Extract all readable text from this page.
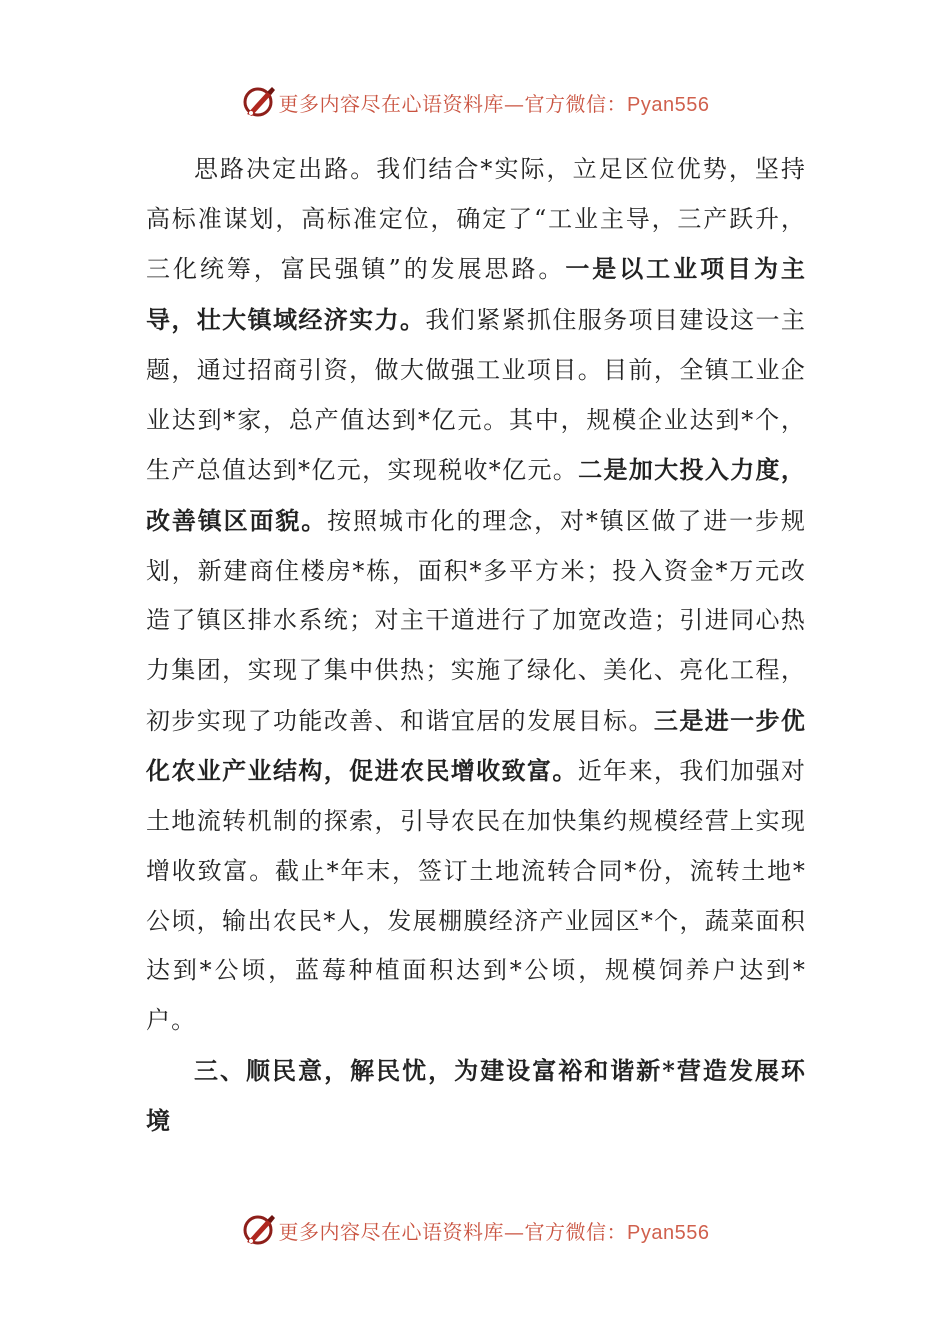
更多内容尽在心语资料库—官方微信：Pyan556

思路决定出路。我们结合*实际，立足区位优势，坚持高标准谋划，高标准定位，确定了“工业主导，三产跃升，三化统筹，富民强镇”的发展思路。一是以工业项目为主导，壮大镇域经济实力。我们紧紧抓住服务项目建设这一主题，通过招商引资，做大做强工业项目。目前，全镇工业企业达到*家，总产值达到*亿元。其中，规模企业达到*个，生产总值达到*亿元，实现税收*亿元。二是加大投入力度，改善镇区面貌。按照城市化的理念，对*镇区做了进一步规划，新建商住楼房*栋，面积*多平方米；投入资金*万元改造了镇区排水系统；对主干道进行了加宽改造；引进同心热力集团，实现了集中供热；实施了绿化、美化、亮化工程，初步实现了功能改善、和谐宜居的发展目标。三是进一步优化农业产业结构，促进农民增收致富。近年来，我们加强对土地流转机制的探索，引导农民在加快集约规模经营上实现增收致富。截止*年末，签订土地流转合同*份，流转土地*公顷，输出农民*人，发展棚膜经济产业园区*个，蔬菜面积达到*公顷，蓝莓种植面积达到*公顷，规模饲养户达到*户。

三、顺民意，解民忧，为建设富裕和谐新*营造发展环境

更多内容尽在心语资料库—官方微信：Pyan556
